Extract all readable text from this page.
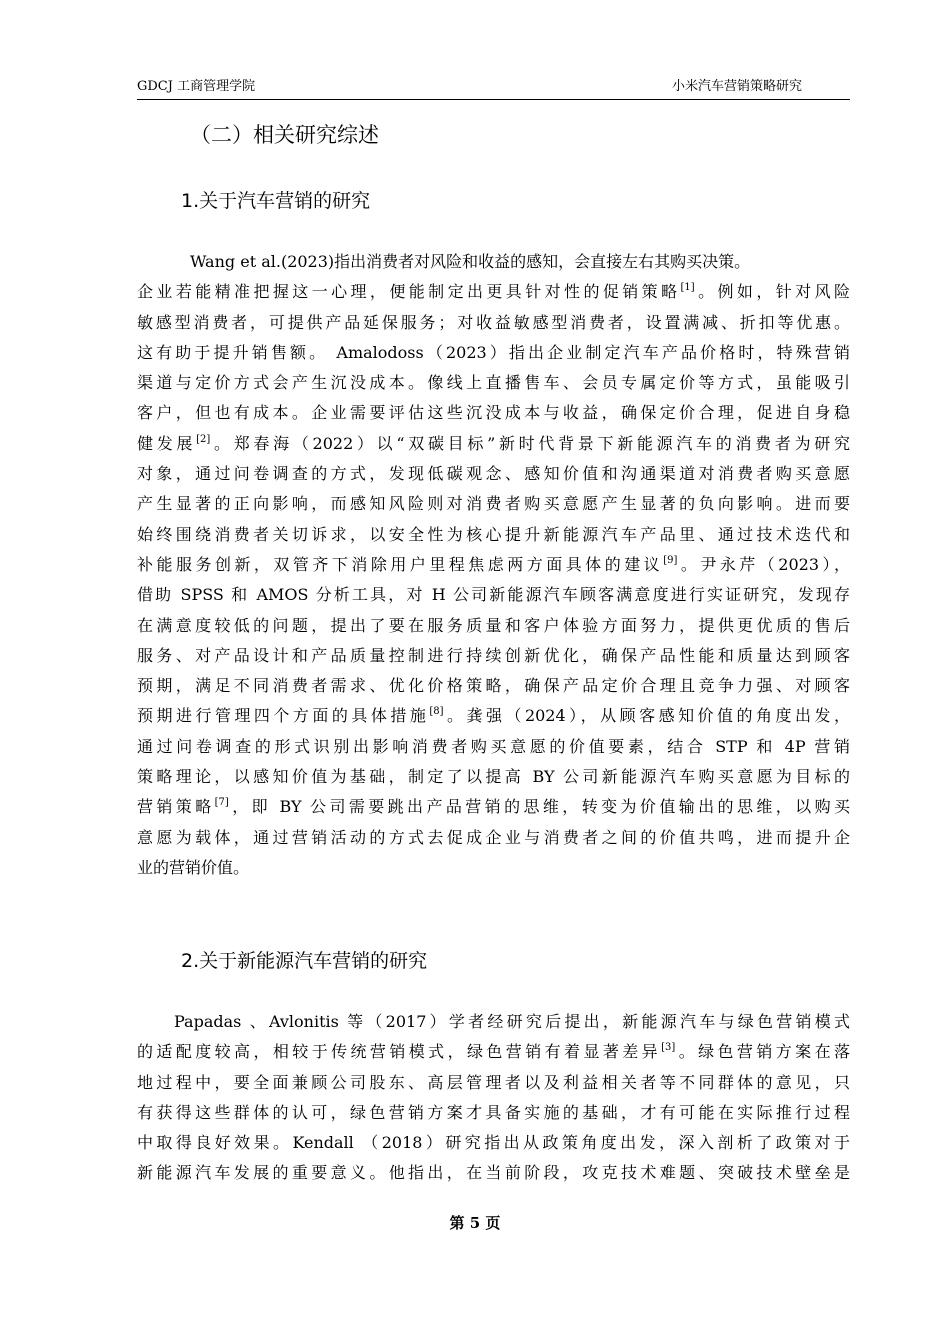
GDCJ 工商管理学院	小米汽车营销策略研究
（二）相关研究综述
1.关于汽车营销的研究
Wang et al.(2023)指出消费者对风险和收益的感知，会直接左右其购买决策。
企业若能精准把握这一心理，便能制定出更具针对性的促销策略[1]。例如，针对风险
敏感型消费者，可提供产品延保服务；对收益敏感型消费者，设置满减、折扣等优惠。
这有助于提升销售额。 Amalodoss（2023）指出企业制定汽车产品价格时，特殊营销
渠道与定价方式会产生沉没成本。像线上直播售车、会员专属定价等方式，虽能吸引
客户，但也有成本。企业需要评估这些沉没成本与收益，确保定价合理，促进自身稳
健发展[2]。郑春海（2022）以“双碳目标”新时代背景下新能源汽车的消费者为研究
对象，通过问卷调查的方式，发现低碳观念、感知价值和沟通渠道对消费者购买意愿
产生显著的正向影响，而感知风险则对消费者购买意愿产生显著的负向影响。进而要
始终围绕消费者关切诉求，以安全性为核心提升新能源汽车产品里、通过技术迭代和
补能服务创新，双管齐下消除用户里程焦虑两方面具体的建议[9]。尹永芹（2023），
借助 SPSS 和 AMOS 分析工具，对 H 公司新能源汽车顾客满意度进行实证研究，发现存
在满意度较低的问题，提出了要在服务质量和客户体验方面努力，提供更优质的售后
服务、对产品设计和产品质量控制进行持续创新优化，确保产品性能和质量达到顾客
预期，满足不同消费者需求、优化价格策略，确保产品定价合理且竞争力强、对顾客
预期进行管理四个方面的具体措施[8]。龚强（2024），从顾客感知价值的角度出发，
通过问卷调查的形式识别出影响消费者购买意愿的价值要素，结合 STP 和 4P 营销
策略理论，以感知价值为基础，制定了以提高 BY 公司新能源汽车购买意愿为目标的
营销策略[7]，即 BY 公司需要跳出产品营销的思维，转变为价值输出的思维，以购买
意愿为载体，通过营销活动的方式去促成企业与消费者之间的价值共鸣，进而提升企
业的营销价值。
2.关于新能源汽车营销的研究
Papadas 、Avlonitis 等（2017）学者经研究后提出，新能源汽车与绿色营销模式
的适配度较高，相较于传统营销模式，绿色营销有着显著差异[3]。绿色营销方案在落
地过程中，要全面兼顾公司股东、高层管理者以及利益相关者等不同群体的意见，只
有获得这些群体的认可，绿色营销方案才具备实施的基础，才有可能在实际推行过程
中取得良好效果。Kendall （2018）研究指出从政策角度出发，深入剖析了政策对于
新能源汽车发展的重要意义。他指出，在当前阶段，攻克技术难题、突破技术壁垒是
第 5 页
